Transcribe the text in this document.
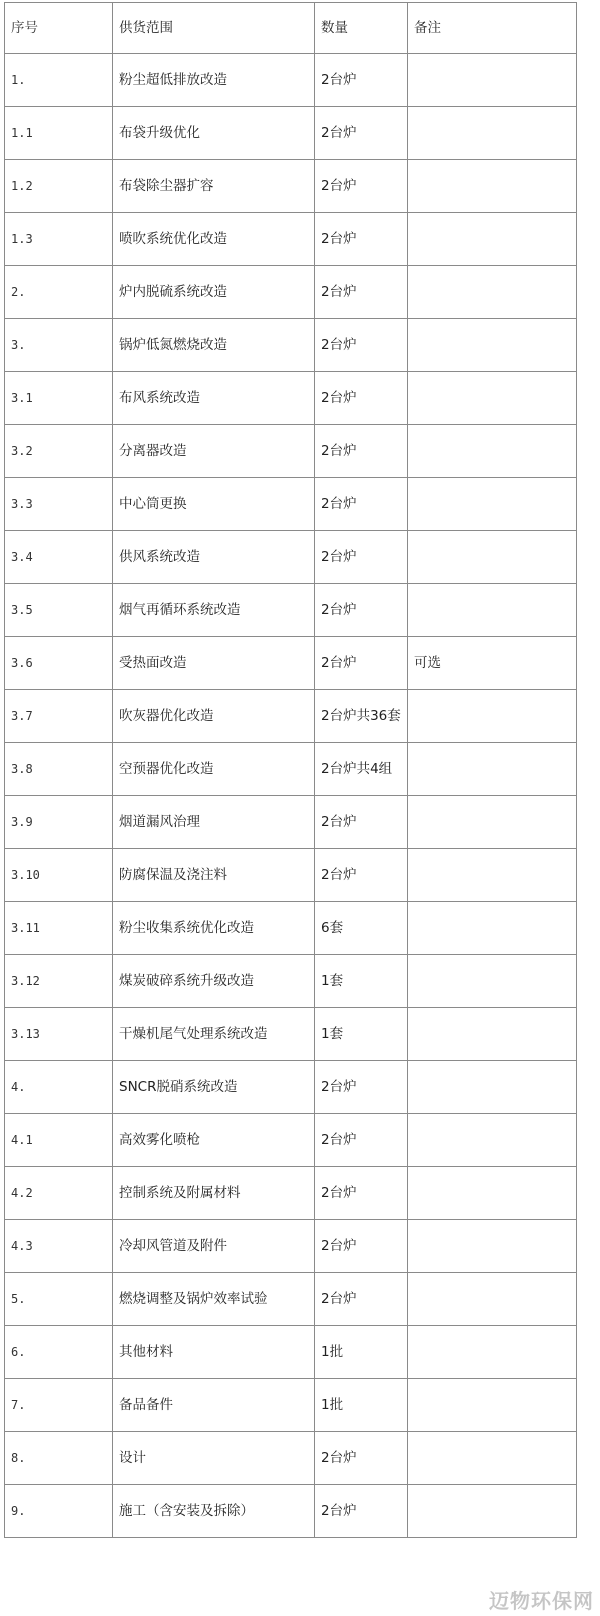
序号	供货范围	数量	备注
1.	粉尘超低排放改造	2台炉	
1.1	布袋升级优化	2台炉	
1.2	布袋除尘器扩容	2台炉	
1.3	喷吹系统优化改造	2台炉	
2.	炉内脱硫系统改造	2台炉	
3.	锅炉低氮燃烧改造	2台炉	
3.1	布风系统改造	2台炉	
3.2	分离器改造	2台炉	
3.3	中心筒更换	2台炉	
3.4	供风系统改造	2台炉	
3.5	烟气再循环系统改造	2台炉	
3.6	受热面改造	2台炉	可选
3.7	吹灰器优化改造	2台炉共36套	
3.8	空预器优化改造	2台炉共4组	
3.9	烟道漏风治理	2台炉	
3.10	防腐保温及浇注料	2台炉	
3.11	粉尘收集系统优化改造	6套	
3.12	煤炭破碎系统升级改造	1套	
3.13	干燥机尾气处理系统改造	1套	
4.	SNCR脱硝系统改造	2台炉	
4.1	高效雾化喷枪	2台炉	
4.2	控制系统及附属材料	2台炉	
4.3	冷却风管道及附件	2台炉	
5.	燃烧调整及锅炉效率试验	2台炉	
6.	其他材料	1批	
7.	备品备件	1批	
8.	设计	2台炉	
9.	施工（含安装及拆除）	2台炉	
迈物环保网
